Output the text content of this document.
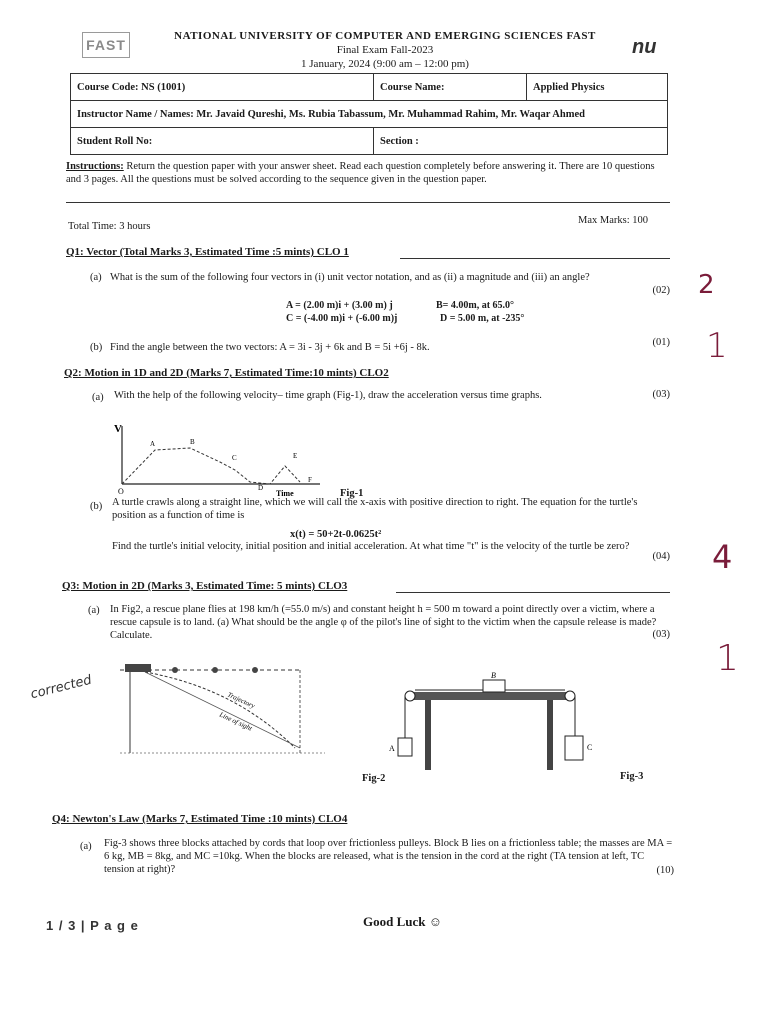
FAST	nu
NATIONAL UNIVERSITY OF COMPUTER AND EMERGING SCIENCES FAST
Final Exam Fall-2023
1 January, 2024 (9:00 am – 12:00 pm)
Course Code: NS (1001)	Course Name:	Applied Physics
Instructor Name / Names: Mr. Javaid Qureshi, Ms. Rubia Tabassum, Mr. Muhammad Rahim, Mr. Waqar Ahmed		
Student Roll No:	Section :	
Instructions: Return the question paper with your answer sheet. Read each question completely before answering it. There are 10 questions and 3 pages. All the questions must be solved according to the sequence given in the question paper.
Total Time: 3 hours
Max Marks: 100
Q1: Vector (Total Marks 3, Estimated Time :5 mints) CLO 1
(a) What is the sum of the following four vectors in (i) unit vector notation, and as (ii) a magnitude and (iii) an angle?
(02)
A = (2.00 m)i + (3.00 m) j	B= 4.00m, at 65.0°
C = (-4.00 m)i + (-6.00 m)j	D = 5.00 m, at -235°
(b) Find the angle between the two vectors: A = 3i - 3j + 6k and B = 5i +6j - 8k.	(01)
Q2: Motion in 1D and 2D (Marks 7, Estimated Time:10 mints) CLO2
(a) With the help of the following velocity– time graph (Fig-1), draw the acceleration versus time graphs.	(03)
V
O
A	B
C
D
E
F
Time	Fig-1
(b) A turtle crawls along a straight line, which we will call the x-axis with positive direction to right. The equation for the turtle's position as a function of time is
x(t) = 50+2t-0.0625t²
Find the turtle's initial velocity, initial position and initial acceleration. At what time "t" is the velocity of the turtle be zero?
(04)
Q3: Motion in 2D (Marks 3, Estimated Time: 5 mints) CLO3
(a) In Fig2, a rescue plane flies at 198 km/h (=55.0 m/s) and constant height h = 500 m toward a point directly over a victim, where a rescue capsule is to land. (a) What should be the angle φ of the pilot's line of sight to the victim when the capsule release is made? Calculate.	(03)
Trajectory
Line of sight
Fig-2
B
A	C
Fig-3
Q4: Newton's Law (Marks 7, Estimated Time :10 mints) CLO4
(a) Fig-3 shows three blocks attached by cords that loop over frictionless pulleys. Block B lies on a frictionless table; the masses are MA = 6 kg, MB = 8kg, and MC =10kg. When the blocks are released, what is the tension in the cord at the right (TA tension at left, TC tension at right)?	(10)
1 / 3 | P a g e	Good Luck ☺
2
1
4
1
corrected
